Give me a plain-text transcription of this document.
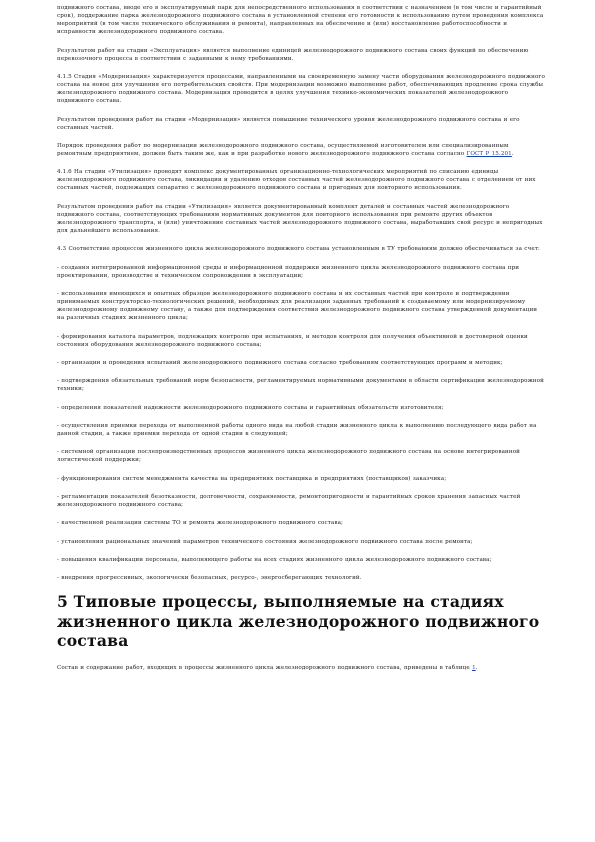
подвижного состава, вводе его в эксплуатируемый парк для непосредственного использования в соответствии с назначением (в том числе и гарантийный срок), поддержание парка железнодорожного подвижного состава в установленной степени его готовности к использованию путем проведения комплекса мероприятий (в том числе технического обслуживания и ремонта), направленных на обеспечение и (или) восстановление работоспособности и исправности железнодорожного подвижного состава.

Результатом работ на стадии «Эксплуатация» является выполнение единицей железнодорожного подвижного состава своих функций по обеспечению перевозочного процесса в соответствии с заданными к нему требованиями.

4.1.5 Стадия «Модернизация» характеризуется процессами, направленными на своевременную замену части оборудования железнодорожного подвижного состава на новое для улучшения его потребительских свойств. При модернизации возможно выполнение работ, обеспечивающих продление срока службы железнодорожного подвижного состава. Модернизация проводится в целях улучшения технико-экономических показателей железнодорожного подвижного состава.

Результатом проведения работ на стадии «Модернизация» является повышение технического уровня железнодорожного подвижного состава и его составных частей.

Порядок проведения работ по модернизации железнодорожного подвижного состава, осуществляемой изготовителем или специализированным ремонтным предприятием, должен быть таким же, как и при разработке нового железнодорожного подвижного состава согласно ГОСТ Р 15.201.

4.1.6 На стадии «Утилизация» проводят комплекс документированных организационно-технологических мероприятий по списанию единицы железнодорожного подвижного состава, ликвидации и удалению отходов составных частей железнодорожного подвижного состава с отделением от них составных частей, подлежащих сепаратно с железнодорожного подвижного состава и пригодных для повторного использования.

Результатом проведения работ на стадии «Утилизация» является документированный комплект деталей и составных частей железнодорожного подвижного состава, соответствующих требованиям нормативных документов для повторного использования при ремонте других объектов железнодорожного транспорта, и (или) уничтожение составных частей железнодорожного подвижного состава, выработавших свой ресурс и непригодных для дальнейшего использования.

4.3 Соответствие процессов жизненного цикла железнодорожного подвижного состава установленным в ТУ требованиям должно обеспечиваться за счет:

- создания интегрированной информационной среды и информационной поддержки жизненного цикла железнодорожного подвижного состава при проектировании, производстве и техническом сопровождении в эксплуатации;

- использования имеющихся и опытных образцов железнодорожного подвижного состава и их составных частей при контроле и подтверждении принимаемых конструкторско-технологических решений, необходимых для реализации заданных требований к создаваемому или модернизируемому железнодорожному подвижному составу, а также для подтверждения соответствия железнодорожного подвижного состава утвержденной документации на различных стадиях жизненного цикла;

- формирования каталога параметров, подлежащих контролю при испытаниях, и методов контроля для получения объективной и достоверной оценки состояния оборудования железнодорожного подвижного состава;

- организации и проведения испытаний железнодорожного подвижного состава согласно требованиям соответствующих программ и методик;

- подтверждения обязательных требований норм безопасности, регламентируемых нормативными документами в области сертификации железнодорожной техники;

- определения показателей надежности железнодорожного подвижного состава и гарантийных обязательств изготовителя;

- осуществления приемки перехода от выполненной работы одного вида на любой стадии жизненного цикла к выполнению последующего вида работ на данной стадии, а также приемки перехода от одной стадии к следующей;

- системной организации послепроизводственных процессов жизненного цикла железнодорожного подвижного состава на основе интегрированной логистической поддержки;

- функционирования систем менеджмента качества на предприятиях поставщика и предприятиях (поставщиков) заказчика;

- регламентации показателей безотказности, долговечности, сохраняемости, ремонтопригодности и гарантийных сроков хранения запасных частей железнодорожного подвижного состава;

- качественной реализации системы ТО и ремонта железнодорожного подвижного состава;

- установления рациональных значений параметров технического состояния железнодорожного подвижного состава после ремонта;

- повышения квалификации персонала, выполняющего работы на всех стадиях жизненного цикла железнодорожного подвижного состава;

- внедрения прогрессивных, экологически безопасных, ресурсо-, энергосберегающих технологий.

5 Типовые процессы, выполняемые на стадиях жизненного цикла железнодорожного подвижного состава

Состав и содержание работ, входящих в процессы жизненного цикла железнодорожного подвижного состава, приведены в таблице 1.
